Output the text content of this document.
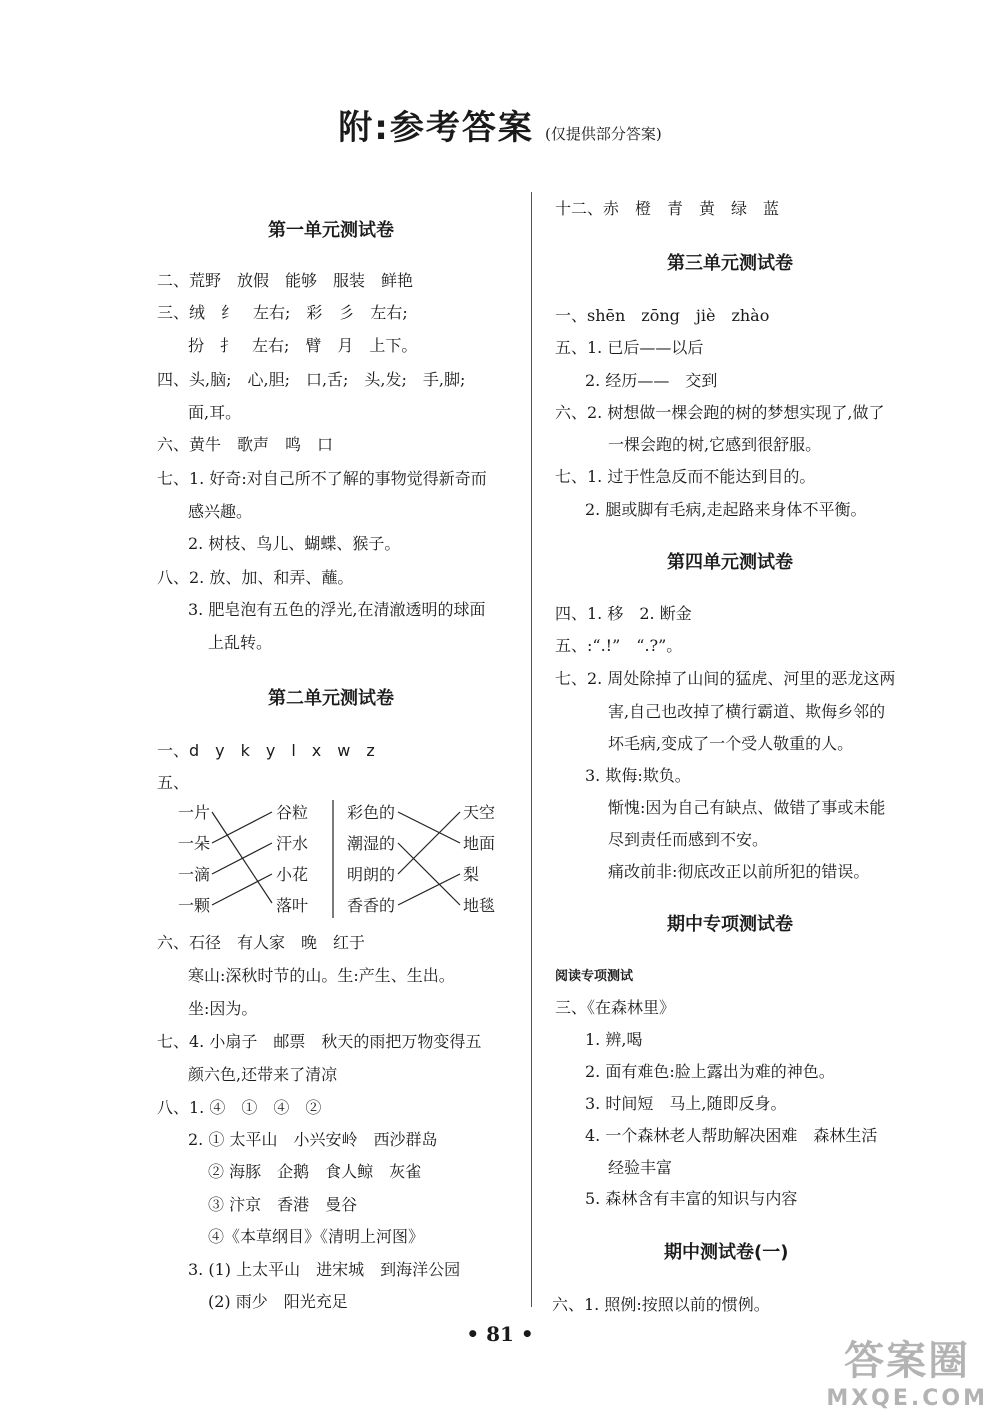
附:参考答案 (仅提供部分答案)
第一单元测试卷
二、荒野　放假　能够　服装　鲜艳
三、绒　纟　左右;　彩　彡　左右;
扮　扌　左右;　臂　月　上下。
四、头,脑;　心,胆;　口,舌;　头,发;　手,脚;
面,耳。
六、黄牛　歌声　鸣　口
七、1. 好奇:对自己所不了解的事物觉得新奇而
感兴趣。
2. 树枝、鸟儿、蝴蝶、猴子。
八、2. 放、加、和弄、蘸。
3. 肥皂泡有五色的浮光,在清澈透明的球面
上乱转。
第二单元测试卷
一、d　y　k　y　l　x　w　z
五、
一片
一朵
一滴
一颗
谷粒
汗水
小花
落叶
彩色的
潮湿的
明朗的
香香的
天空
地面
梨
地毯
六、石径　有人家　晚　红于
寒山:深秋时节的山。生:产生、生出。
坐:因为。
七、4. 小扇子　邮票　秋天的雨把万物变得五
颜六色,还带来了清凉
八、1. ④　①　④　②
2. ① 太平山　小兴安岭　西沙群岛
② 海豚　企鹅　食人鲸　灰雀
③ 汴京　香港　曼谷
④《本草纲目》《清明上河图》
3. (1) 上太平山　进宋城　到海洋公园
(2) 雨少　阳光充足
十二、赤　橙　青　黄　绿　蓝
第三单元测试卷
一、shēn　zōng　jiè　zhào
五、1. 已后——以后
2. 经历——　交到
六、2. 树想做一棵会跑的树的梦想实现了,做了
一棵会跑的树,它感到很舒服。
七、1. 过于性急反而不能达到目的。
2. 腿或脚有毛病,走起路来身体不平衡。
第四单元测试卷
四、1. 移　2. 断金
五、:“.!”　“.?”。
七、2. 周处除掉了山间的猛虎、河里的恶龙这两
害,自己也改掉了横行霸道、欺侮乡邻的
坏毛病,变成了一个受人敬重的人。
3. 欺侮:欺负。
惭愧:因为自己有缺点、做错了事或未能
尽到责任而感到不安。
痛改前非:彻底改正以前所犯的错误。
期中专项测试卷
阅读专项测试
三、《在森林里》
1. 辨,喝
2. 面有难色:脸上露出为难的神色。
3. 时间短　马上,随即反身。
4. 一个森林老人帮助解决困难　森林生活
经验丰富
5. 森林含有丰富的知识与内容
期中测试卷(一)
六、1. 照例:按照以前的惯例。
• 81 •
答案圈
MXQE.COM
